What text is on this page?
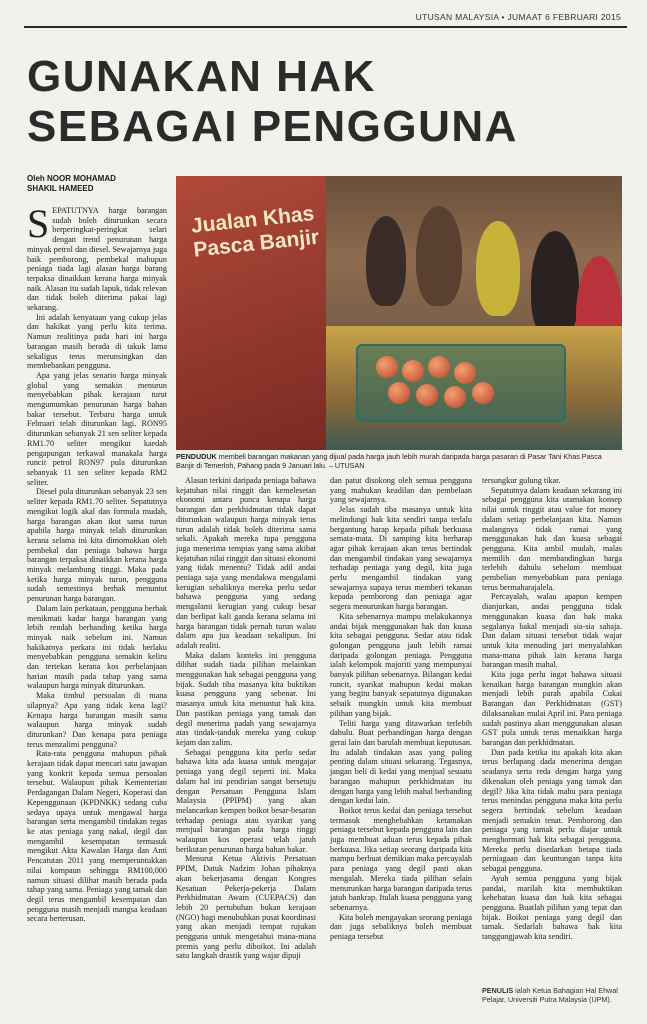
UTUSAN MALAYSIA • JUMAAT 6 FEBRUARI 2015
GUNAKAN HAK
SEBAGAI PENGGUNA
Oleh NOOR MOHAMAD
SHAKIL HAMEED
Jualan Khas Pasca Banjir
PENDUDUK membeli barangan makanan yang dijual pada harga jauh lebih murah daripada harga pasaran di Pasar Tani Khas Pasca Banjir di Temerloh, Pahang pada 9 Januari lalu. – UTUSAN

SEPATUTNYA harga barangan sudah boleh diturunkan secara berperingkat-peringkat selari dengan trend penurunan harga minyak petrol dan diesel. Sewajarnya juga baik pemborong, pembekal mahupun peniaga tiada lagi alasan harga barang terpaksa dinaikkan kerana harga minyak naik. Alasan itu sudah lapuk, tidak relevan dan tidak boleh diterima pakai lagi sekarang.

Ini adalah kenyataan yang cukup jelas dan hakikat yang perlu kita terima. Namun realitinya pada hari ini harga barangan masih berada di takuk lama sekaligus terus merunsingkan dan membebankan pengguna.

Apa yang jelas senario harga minyak global yang semakin menurun menyebabkan pihak kerajaan turut mengumumkan penurunan harga bahan bakar tersebut. Terbaru harga untuk Februari telah diturunkan lagi. RON95 diturunkan sebanyak 21 sen seliter kepada RM1.70 seliter mengikut kaedah pengapungan terkawal manakala harga runcit petrol RON97 pula diturunkan sebanyak 11 sen seliter kepada RM2 seliter.

Diesel pula diturunkan sebanyak 23 sen seliter kepada RM1.70 seliter. Sepatutnya mengikut logik akal dan formula mudah, harga barangan akan ikut sama turun apabila harga minyak telah diturunkan kerana selama ini kita dimomokkan oleh pembekal dan peniaga bahawa harga barangan terpaksa dinaikkan kerana harga minyak melambung tinggi. Maka pada ketika harga minyak turun, pengguna sudah semestinya berhak menuntut penurunan harga barangan.

Dalam lain perkataan, pengguna berhak menikmati kadar harga barangan yang lebih rendah berbanding ketika harga minyak naik sebelum ini. Namun hakikatnya perkara ini tidak berlaku menyebabkan pengguna semakin keliru dan tertekan kerana kos perbelanjaan harian masih pada tahap yang sama walaupun harga minyak diturunkan.

Maka timbul persoalan di mana silapnya? Apa yang tidak kena lagi? Kenapa harga barangan masih sama walaupun harga minyak sudah diturunkan? Dan kenapa para peniaga terus menzalimi pengguna?

Rata-rata pengguna mahupun pihak kerajaan tidak dapat mencari satu jawapan yang konkrit kepada semua persoalan tersebut. Walaupun pihak Kementerian Perdagangan Dalam Negeri, Koperasi dan Kepenggunaan (KPDNKK) sedang cuba sedaya upaya untuk mengawal harga barangan serta mengambil tindakan tegas ke atas peniaga yang nakal, degil dan mengambil kesempatan termasuk mengikut Akta Kawalan Harga dan Anti Pencatutan 2011 yang memperuntukkan nilai kompaun sehingga RM100,000 namun situasi dilihat masih berada pada tahap yang sama. Peniaga yang tamak dan degil terus mengambil kesempatan dan pengguna masih menjadi mangsa keadaan secara berterusan.

Alasan terkini daripada peniaga bahawa kejatuhan nilai ringgit dan kemelesetan ekonomi antara punca kenapa harga barangan dan perkhidmatan tidak dapat diturunkan walaupun harga minyak terus turun adalah tidak boleh diterima sama sekali. Apakah mereka tupa pengguna juga menerima tempias yang sama akibat kejatuhan nilai ringgit dan situasi ekonomi yang tidak menentu? Tidak adil andai peniaga saja yang mendakwa mengalami kerugian sebaliknya mereka perlu sedar bahawa pengguna yang sedang mengalami kerugian yang cukup besar dan berlipat kali ganda kerana selama ini harga barangan tidak pernah turun walau dalam apa jua keadaan sekalipun. Ini adalah realiti.

Maka dalam konteks ini pengguna dilihat sudah tiada pilihan melainkan menggunakan hak sebagai pengguna yang bijak. Sudah tiba masanya kita buktikan kuasa pengguna yang sebenar. Ini masanya untuk kita menuntut hak kita. Dan pastikan peniaga yang tamak dan degil menerima padah yang sewajarnya atas tindak-tanduk mereka yang cukup kejam dan zalim.

Sebagai pengguna kita perlu sedar bahawa kita ada kuasa untuk mengajar peniaga yang degil seperti ini. Maka dalam hal ini pendirian sangat bersetuju dengan Persatuan Pengguna Islam Malaysia (PPIPM) yang akan melancarkan kempen boikot besar-besaran terhadap peniaga atau syarikat yang menjual barangan pada harga tinggi walaupun kos operasi telah jatuh berikutan penurunan harga bahan bakar.

Menurut Ketua Aktivis Persatuan PPIM, Datuk Nadzim Johan pihaknya akan bekerjasama dengan Kongres Kesatuan Pekerja-pekerja Dalam Perkhidmatan Awam (CUEPACS) dan lebih 20 pertubuhan bukan kerajaan (NGO) bagi menubuhkan pusat koordinasi yang akan menjadi tempat rujukan pengguna untuk mengetahui mana-mana premis yang perlu diboikot. Ini adalah satu langkah drastik yang wajar dipuji

dan patut disokong oleh semua pengguna yang mahukan keadilan dan pembelaan yang sewajarnya.

Jelas sudah tiba masanya untuk kita melindungi hak kita sendiri tanpa terlalu bergantung harap kepada pihak berkuasa semata-mata. Di samping kita berharap agar pihak kerajaan akan terus bertindak dan mengambil tindakan yang sewajarnya terhadap peniaga yang degil, kita juga perlu mengambil tindakan yang sewajarnya supaya terus memberi tekanan kepada pemborong dan peniaga agar segera menurunkan harga barangan.

Kita sebenarnya mampu melakukannya andai bijak menggunakan hak dan kuasa kita sebagai pengguna. Sedar atau tidak golongan pengguna jauh lebih ramai daripada golongan peniaga. Pengguna ialah kelompok majoriti yang mempunyai banyak pilihan sebenarnya. Bilangan kedai runcit, syarikat mahupun kedai makan yang begitu banyak sepatutnya digunakan sebaik mungkin untuk kita membuat pilihan yang bijak.

Teliti harga yang ditawarkan terlebih dahulu. Buat perbandingan harga dengan gerai lain dan barulah membuat keputusan. Itu adalah tindakan asas yang paling penting dalam situasi sekarang. Tegasnya, jangan beli di kedai yang menjual sesuatu barangan mahupun perkhidmatan itu dengan harga yang lebih mahal berbanding dengan kedai lain.

Boikot terus kedai dan peniaga tersebut termasuk menghebahkan ketamakan peniaga tersebut kepada pengguna lain dan juga membuat aduan terus kepada pihak berkuasa. Jika setiap seorang daripada kita mampu berbuat demikian maka percayalah para peniaga yang degil pasti akan mengalah. Mereka tiada pilihan selain menurunkan harga barangan daripada terus jatuh bankrap. Itulah kuasa pengguna yang sebenarnya.

Kita boleh mengayakan seorang peniaga dan juga sebaliknya boleh membuat peniaga tersebut

tersungkur gulung tikar.

Sepatutnya dalam keadaan sekarang ini sebagai pengguna kita utamakan konsep nilai untuk ringgit atau value for money dalam setiap perbelanjaan kita. Namun malangnya tidak ramai yang menggunakan hak dan kuasa sebagai pengguna. Kita ambil mudah, malas memilih dan membandingkan harga terlebih dahulu sebelum membuat pembelian menyebabkan para peniaga terus bermaharajalela.

Percayalah, walau apapun kempen dianjurkan, andai pengguna tidak menggunakan kuasa dan hak maka segalanya bakal menjadi sia-sia sahaja. Dan dalam situasi tersebut tidak wajar untuk kita menuding jari menyalahkan mana-mana pihak lain kerana harga barangan masih mahal.

Kita juga perlu ingat bahawa situasi kenaikan harga barangan mungkin akan menjadi lebih parah apabila Cukai Barangan dan Perkhidmatan (GST) dilaksanakan mulai April ini. Para peniaga sudah pastinya akan menggunakan alasan GST pula untuk terus menaikkan harga barangan dan perkhidmatan.

Dan pada ketika itu apakah kita akan terus berlapang dada menerima dengan seadanya serta reda dengan harga yang dikenakan oleh peniaga yang tamak dan degil? Jika kita tidak mahu para peniaga terus menindas pengguna maka kita perlu segera bertindak sebelum keadaan menjadi semakin tenat. Pemborong dan peniaga yang tamak perlu diajar untuk menghormati hak kita sebagai pengguna. Mereka perlu disedarkan betapa tiada perniagaan dan keuntungan tanpa kita sebagai pengguna.

Ayuh semua pengguna yang bijak pandai, marilah kita membuktikan kehebatan kuasa dan hak kita sebagai pengguna. Buatlah pilihan yang tepat dan bijak. Boikot peniaga yang degil dan tamak. Sedarlah bahawa hak kita tanggungjawab kita sendiri.

PENULIS ialah Ketua Bahagian Hal Ehwal Pelajar, Universiti Putra Malaysia (UPM).
